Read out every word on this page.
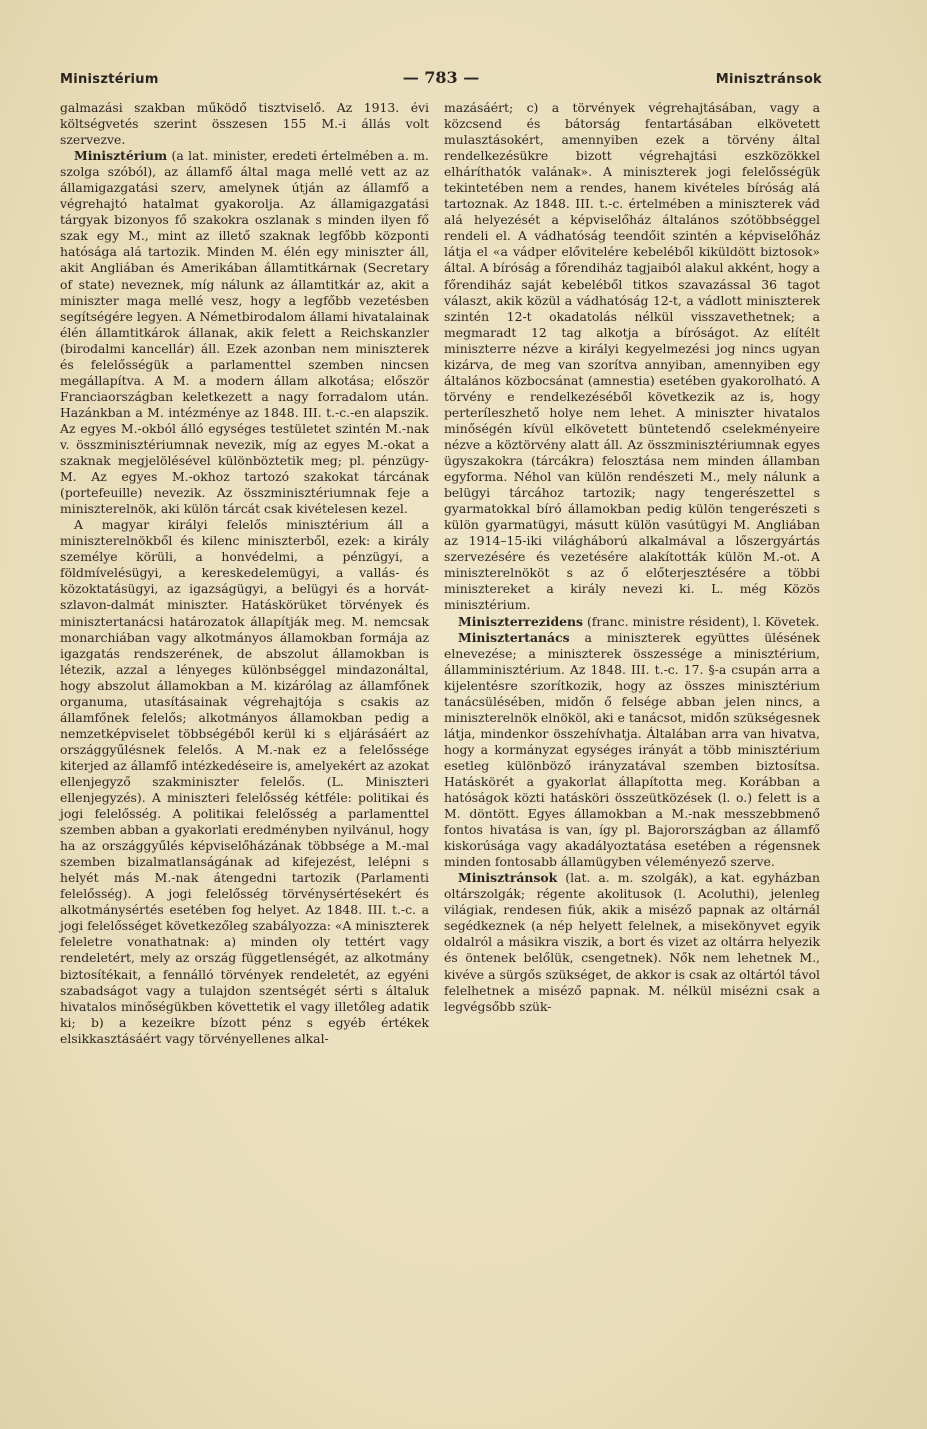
Minisztérium	— 783 —	Minisztránsok

galmazási szakban működő tisztviselő. Az 1913. évi költségvetés szerint összesen 155 M.-i állás volt szervezve.

Minisztérium (a lat. minister, eredeti értelmében a. m. szolga szóból), az államfő által maga mellé vett az az államigazgatási szerv, amelynek útján az államfő a végrehajtó hatalmat gyakorolja. Az államigazgatási tárgyak bizonyos fő szakokra oszlanak s minden ilyen fő szak egy M., mint az illető szaknak legfőbb központi hatósága alá tartozik. Minden M. élén egy miniszter áll, akit Angliában és Amerikában államtitkárnak (Secretary of state) neveznek, míg nálunk az államtitkár az, akit a miniszter maga mellé vesz, hogy a legfőbb vezetésben segítségére legyen. A Németbirodalom állami hivatalainak élén államtitkárok állanak, akik felett a Reichskanzler (birodalmi kancellár) áll. Ezek azonban nem miniszterek és felelősségük a parlamenttel szemben nincsen megállapítva. A M. a modern állam alkotása; először Franciaországban keletkezett a nagy forradalom után. Hazánkban a M. intézménye az 1848. III. t.-c.-en alapszik. Az egyes M.-okból álló egységes testületet szintén M.-nak v. összminisztériumnak nevezik, míg az egyes M.-okat a szaknak megjelölésével különböztetik meg; pl. pénzügy-M. Az egyes M.-okhoz tartozó szakokat tárcának (portefeuille) nevezik. Az összminisztériumnak feje a miniszterelnök, aki külön tárcát csak kivételesen kezel.

A magyar királyi felelős minisztérium áll a miniszterelnökből és kilenc miniszterből, ezek: a király személye körüli, a honvédelmi, a pénzügyi, a földmívelésügyi, a kereskedelemügyi, a vallás- és közoktatásügyi, az igazságügyi, a belügyi és a horvát-szlavon-dalmát miniszter. Hatáskörüket törvények és minisztertanácsi határozatok állapítják meg. M. nemcsak monarchiában vagy alkotmányos államokban formája az igazgatás rendszerének, de abszolut államokban is létezik, azzal a lényeges különbséggel mindazonáltal, hogy abszolut államokban a M. kizárólag az államfőnek organuma, utasításainak végrehajtója s csakis az államfőnek felelős; alkotmányos államokban pedig a nemzetképviselet többségéből kerül ki s eljárásáért az országgyűlésnek felelős. A M.-nak ez a felelőssége kiterjed az államfő intézkedéseire is, amelyekért az azokat ellenjegyző szakminiszter felelős. (L. Miniszteri ellenjegyzés). A miniszteri felelősség kétféle: politikai és jogi felelősség. A politikai felelősség a parlamenttel szemben abban a gyakorlati eredményben nyilvánul, hogy ha az országgyűlés képviselőházának többsége a M.-mal szemben bizalmatlanságának ad kifejezést, lelépni s helyét más M.-nak átengedni tartozik (Parlamenti felelősség). A jogi felelősség törvénysértésekért és alkotmánysértés esetében fog helyet. Az 1848. III. t.-c. a jogi felelősséget következőleg szabályozza: «A miniszterek feleletre vonathatnak: a) minden oly tettért vagy rendeletért, mely az ország függetlenségét, az alkotmány biztosítékait, a fennálló törvények rendeletét, az egyéni szabadságot vagy a tulajdon szentségét sérti s általuk hivatalos minőségükben követtetik el vagy illetőleg adatik ki; b) a kezeikre bízott pénz s egyéb értékek elsikkasztásáért vagy törvényellenes alkal-

mazásáért; c) a törvények végrehajtásában, vagy a közcsend és bátorság fentartásában elkövetett mulasztásokért, amennyiben ezek a törvény által rendelkezésükre bizott végrehajtási eszközökkel elháríthatók valának». A miniszterek jogi felelősségük tekintetében nem a rendes, hanem kivételes bíróság alá tartoznak. Az 1848. III. t.-c. értelmében a miniszterek vád alá helyezését a képviselőház általános szótöbbséggel rendeli el. A vádhatóság teendőit szintén a képviselőház látja el «a vádper elővitelére kebeléből kiküldött biztosok» által. A bíróság a főrendiház tagjaiból alakul akként, hogy a főrendiház saját kebeléből titkos szavazással 36 tagot választ, akik közül a vádhatóság 12-t, a vádlott miniszterek szintén 12-t okadatolás nélkül visszavethetnek; a megmaradt 12 tag alkotja a bíróságot. Az elítélt miniszterre nézve a királyi kegyelmezési jog nincs ugyan kizárva, de meg van szorítva annyiban, amennyiben egy általános közbocsánat (amnestia) esetében gyakorolható. A törvény e rendelkezéséből következik az is, hogy perteríleszhető holye nem lehet. A miniszter hivatalos minőségén kívül elkövetett büntetendő cselekményeire nézve a köztörvény alatt áll. Az összminisztériumnak egyes ügyszakokra (tárcákra) felosztása nem minden államban egyforma. Néhol van külön rendészeti M., mely nálunk a belügyi tárcához tartozik; nagy tengerészettel s gyarmatokkal bíró államokban pedig külön tengerészeti s külön gyarmatügyi, másutt külön vasútügyi M. Angliában az 1914–15-iki világháború alkalmával a lőszergyártás szervezésére és vezetésére alakították külön M.-ot. A miniszterelnököt s az ő előterjesztésére a többi minisztereket a király nevezi ki. L. még Közös minisztérium.

Miniszterrezidens (franc. ministre résident), l. Követek.

Minisztertanács a miniszterek együttes ülésének elnevezése; a miniszterek összessége a minisztérium, államminisztérium. Az 1848. III. t.-c. 17. §-a csupán arra a kijelentésre szorítkozik, hogy az összes minisztérium tanácsülésében, midőn ő felsége abban jelen nincs, a miniszterelnök elnököl, aki e tanácsot, midőn szükségesnek látja, mindenkor összehívhatja. Általában arra van hivatva, hogy a kormányzat egységes irányát a több minisztérium esetleg különböző irányzatával szemben biztosítsa. Hatáskörét a gyakorlat állapította meg. Korábban a hatóságok közti hatásköri összeütközések (l. o.) felett is a M. döntött. Egyes államokban a M.-nak messzebbmenő fontos hivatása is van, így pl. Bajorországban az államfő kiskorúsága vagy akadályoztatása esetében a régensnek minden fontosabb államügyben véleményező szerve.

Minisztránsok (lat. a. m. szolgák), a kat. egyházban oltárszolgák; régente akolitusok (l. Acoluthi), jelenleg világiak, rendesen fiúk, akik a miséző papnak az oltárnál segédkeznek (a nép helyett felelnek, a misekönyvet egyik oldalról a másikra viszik, a bort és vizet az oltárra helyezik és öntenek belőlük, csengetnek). Nők nem lehetnek M., kivéve a sürgős szükséget, de akkor is csak az oltártól távol felelhetnek a miséző papnak. M. nélkül misézni csak a legvégsőbb szük-
